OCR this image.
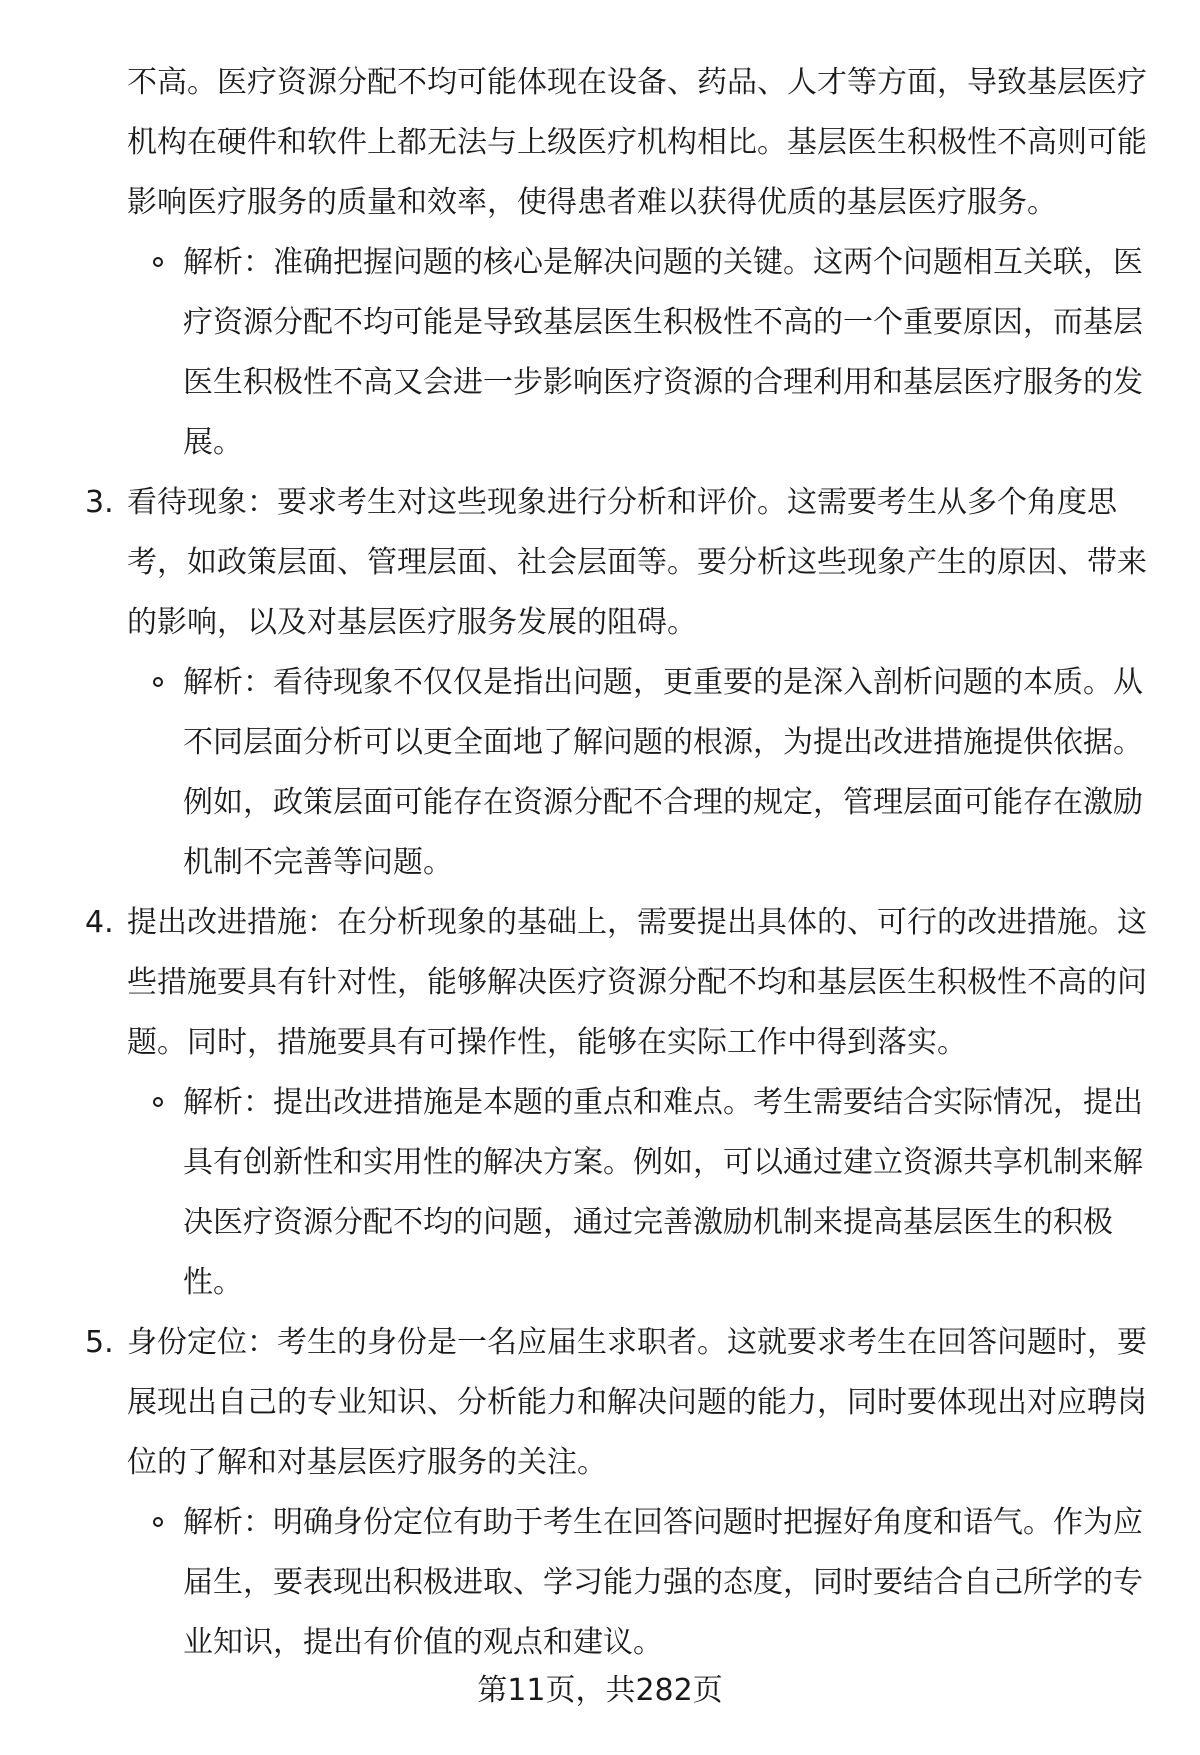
不高。医疗资源分配不均可能体现在设备、药品、人才等方面，导致基层医疗机构在硬件和软件上都无法与上级医疗机构相比。基层医生积极性不高则可能影响医疗服务的质量和效率，使得患者难以获得优质的基层医疗服务。

解析：准确把握问题的核心是解决问题的关键。这两个问题相互关联，医疗资源分配不均可能是导致基层医生积极性不高的一个重要原因，而基层医生积极性不高又会进一步影响医疗资源的合理利用和基层医疗服务的发展。

3. 看待现象：要求考生对这些现象进行分析和评价。这需要考生从多个角度思考，如政策层面、管理层面、社会层面等。要分析这些现象产生的原因、带来的影响，以及对基层医疗服务发展的阻碍。

解析：看待现象不仅仅是指出问题，更重要的是深入剖析问题的本质。从不同层面分析可以更全面地了解问题的根源，为提出改进措施提供依据。例如，政策层面可能存在资源分配不合理的规定，管理层面可能存在激励机制不完善等问题。

4. 提出改进措施：在分析现象的基础上，需要提出具体的、可行的改进措施。这些措施要具有针对性，能够解决医疗资源分配不均和基层医生积极性不高的问题。同时，措施要具有可操作性，能够在实际工作中得到落实。

解析：提出改进措施是本题的重点和难点。考生需要结合实际情况，提出具有创新性和实用性的解决方案。例如，可以通过建立资源共享机制来解决医疗资源分配不均的问题，通过完善激励机制来提高基层医生的积极性。

5. 身份定位：考生的身份是一名应届生求职者。这就要求考生在回答问题时，要展现出自己的专业知识、分析能力和解决问题的能力，同时要体现出对应聘岗位的了解和对基层医疗服务的关注。

解析：明确身份定位有助于考生在回答问题时把握好角度和语气。作为应届生，要表现出积极进取、学习能力强的态度，同时要结合自己所学的专业知识，提出有价值的观点和建议。

第11页，共282页
